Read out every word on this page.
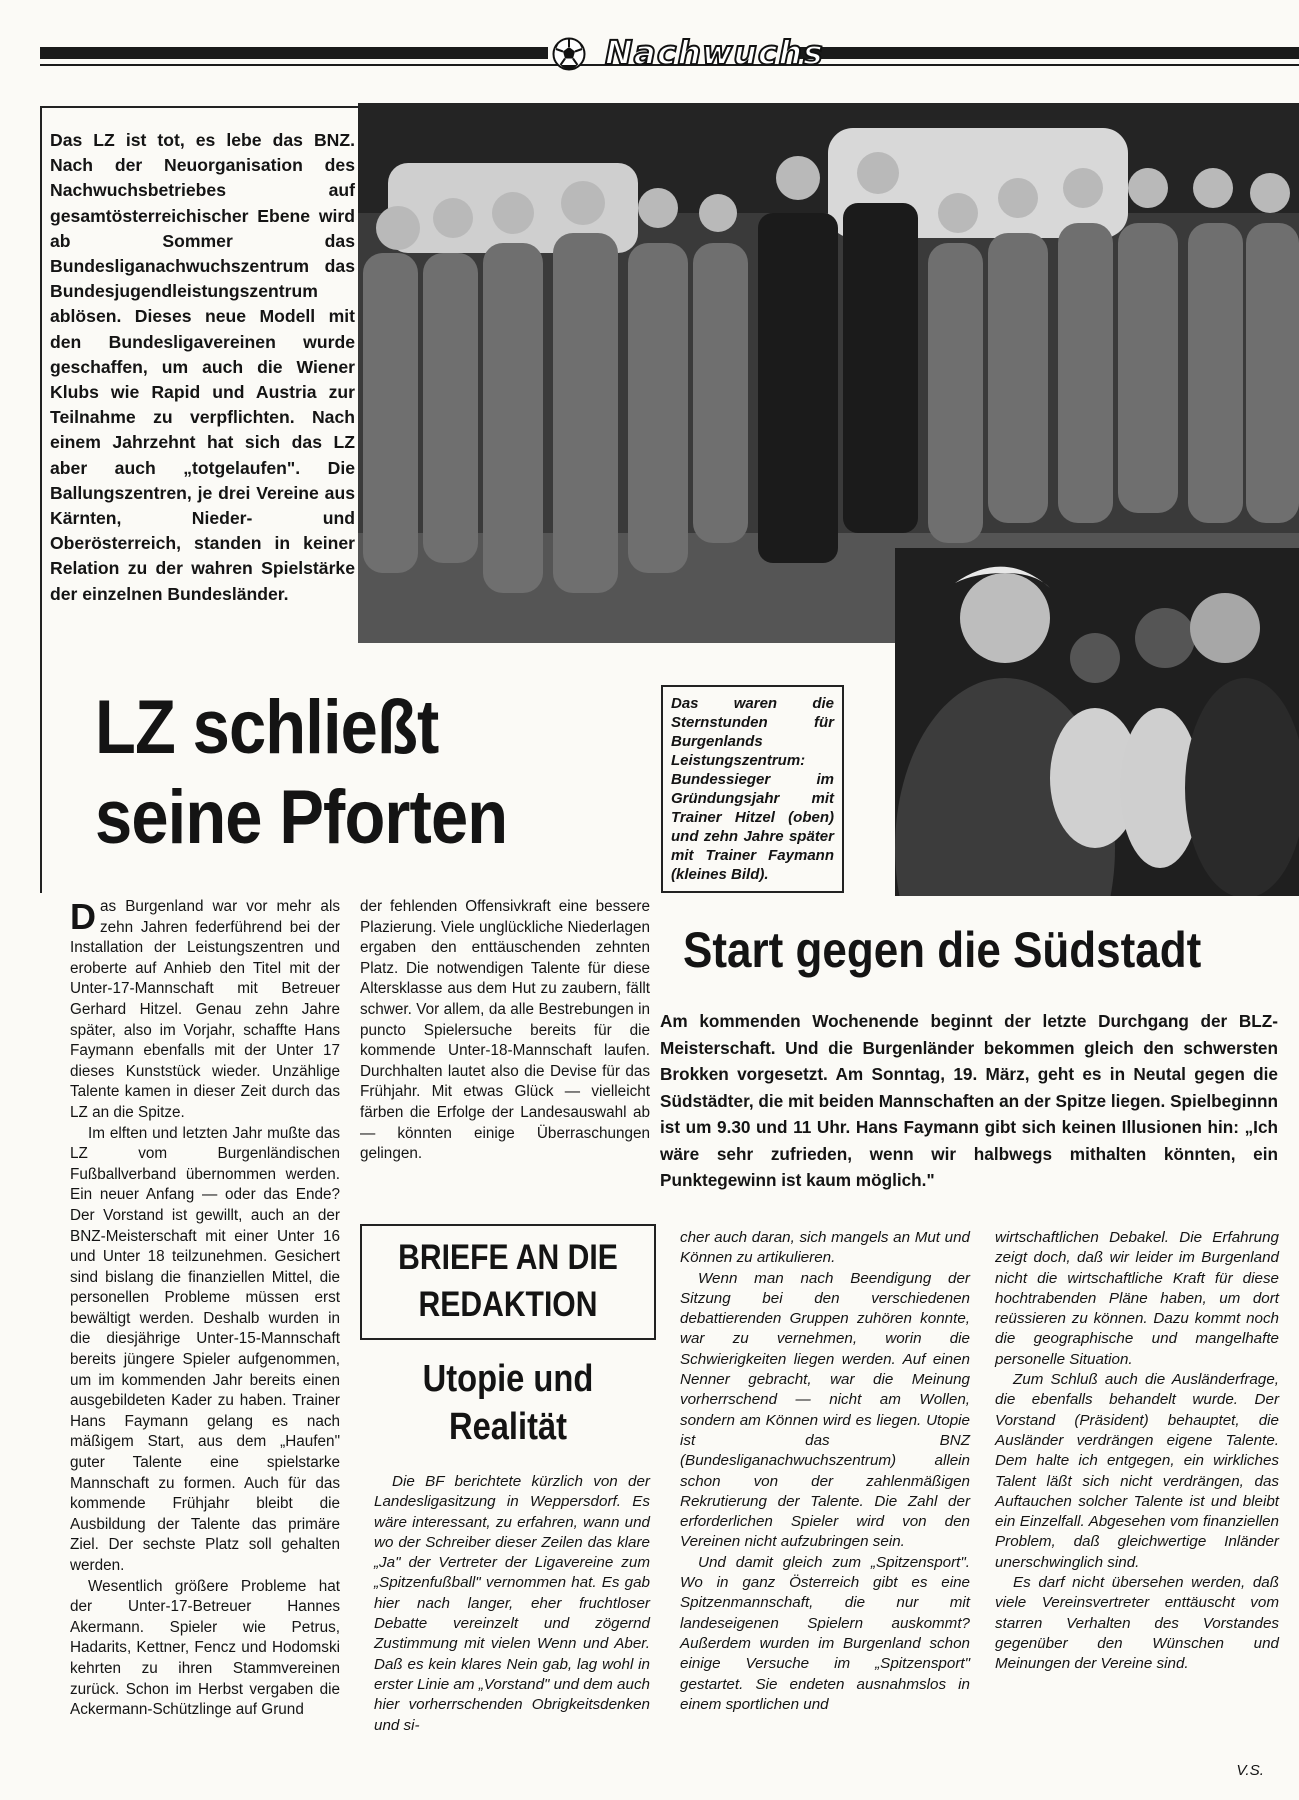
Nachwuchs
Das LZ ist tot, es lebe das BNZ. Nach der Neuorganisation des Nachwuchsbetriebes auf gesamtösterreichischer Ebene wird ab Sommer das Bundesliganachwuchszentrum das Bundesjugendleistungszentrum ablösen. Dieses neue Modell mit den Bundesligavereinen wurde geschaffen, um auch die Wiener Klubs wie Rapid und Austria zur Teilnahme zu verpflichten. Nach einem Jahrzehnt hat sich das LZ aber auch „totgelaufen". Die Ballungszentren, je drei Vereine aus Kärnten, Nieder- und Oberösterreich, standen in keiner Relation zu der wahren Spielstärke der einzelnen Bundesländer.
LZ schließt
seine Pforten
Das waren die Sternstunden für Burgenlands Leistungszentrum: Bundessieger im Gründungsjahr mit Trainer Hitzel (oben) und zehn Jahre später mit Trainer Faymann (kleines Bild).

Das Burgenland war vor mehr als zehn Jahren federführend bei der Installation der Leistungszentren und eroberte auf Anhieb den Titel mit der Unter-17-Mannschaft mit Betreuer Gerhard Hitzel. Genau zehn Jahre später, also im Vorjahr, schaffte Hans Faymann ebenfalls mit der Unter 17 dieses Kunststück wieder. Unzählige Talente kamen in dieser Zeit durch das LZ an die Spitze.

Im elften und letzten Jahr mußte das LZ vom Burgenländischen Fußballverband übernommen werden. Ein neuer Anfang — oder das Ende? Der Vorstand ist gewillt, auch an der BNZ-Meisterschaft mit einer Unter 16 und Unter 18 teilzunehmen. Gesichert sind bislang die finanziellen Mittel, die personellen Probleme müssen erst bewältigt werden. Deshalb wurden in die diesjährige Unter-15-Mannschaft bereits jüngere Spieler aufgenommen, um im kommenden Jahr bereits einen ausgebildeten Kader zu haben. Trainer Hans Faymann gelang es nach mäßigem Start, aus dem „Haufen" guter Talente eine spielstarke Mannschaft zu formen. Auch für das kommende Frühjahr bleibt die Ausbildung der Talente das primäre Ziel. Der sechste Platz soll gehalten werden.

Wesentlich größere Probleme hat der Unter-17-Betreuer Hannes Akermann. Spieler wie Petrus, Hadarits, Kettner, Fencz und Hodomski kehrten zu ihren Stammvereinen zurück. Schon im Herbst vergaben die Ackermann-Schützlinge auf Grund

der fehlenden Offensivkraft eine bessere Plazierung. Viele unglückliche Niederlagen ergaben den enttäuschenden zehnten Platz. Die notwendigen Talente für diese Altersklasse aus dem Hut zu zaubern, fällt schwer. Vor allem, da alle Bestrebungen in puncto Spielersuche bereits für die kommende Unter-18-Mannschaft laufen. Durchhalten lautet also die Devise für das Frühjahr. Mit etwas Glück — vielleicht färben die Erfolge der Landesauswahl ab — könnten einige Überraschungen gelingen.

Start gegen die Südstadt
Am kommenden Wochenende beginnt der letzte Durchgang der BLZ-Meisterschaft. Und die Burgenländer bekommen gleich den schwersten Brokken vorgesetzt. Am Sonntag, 19. März, geht es in Neutal gegen die Südstädter, die mit beiden Mannschaften an der Spitze liegen. Spielbeginnn ist um 9.30 und 11 Uhr. Hans Faymann gibt sich keinen Illusionen hin: „Ich wäre sehr zufrieden, wenn wir halbwegs mithalten könnten, ein Punktegewinn ist kaum möglich."
BRIEFE AN DIE
REDAKTION
Utopie und
Realität

Die BF berichtete kürzlich von der Landesligasitzung in Weppersdorf. Es wäre interessant, zu erfahren, wann und wo der Schreiber dieser Zeilen das klare „Ja" der Vertreter der Ligavereine zum „Spitzenfußball" vernommen hat. Es gab hier nach langer, eher fruchtloser Debatte vereinzelt und zögernd Zustimmung mit vielen Wenn und Aber. Daß es kein klares Nein gab, lag wohl in erster Linie am „Vorstand" und dem auch hier vorherrschenden Obrigkeitsdenken und si-

cher auch daran, sich mangels an Mut und Können zu artikulieren.

Wenn man nach Beendigung der Sitzung bei den verschiedenen debattierenden Gruppen zuhören konnte, war zu vernehmen, worin die Schwierigkeiten liegen werden. Auf einen Nenner gebracht, war die Meinung vorherrschend — nicht am Wollen, sondern am Können wird es liegen. Utopie ist das BNZ (Bundesliganachwuchszentrum) allein schon von der zahlenmäßigen Rekrutierung der Talente. Die Zahl der erforderlichen Spieler wird von den Vereinen nicht aufzubringen sein.

Und damit gleich zum „Spitzensport". Wo in ganz Österreich gibt es eine Spitzenmannschaft, die nur mit landeseigenen Spielern auskommt? Außerdem wurden im Burgenland schon einige Versuche im „Spitzensport" gestartet. Sie endeten ausnahmslos in einem sportlichen und

wirtschaftlichen Debakel. Die Erfahrung zeigt doch, daß wir leider im Burgenland nicht die wirtschaftliche Kraft für diese hochtrabenden Pläne haben, um dort reüssieren zu können. Dazu kommt noch die geographische und mangelhafte personelle Situation.

Zum Schluß auch die Ausländerfrage, die ebenfalls behandelt wurde. Der Vorstand (Präsident) behauptet, die Ausländer verdrängen eigene Talente. Dem halte ich entgegen, ein wirkliches Talent läßt sich nicht verdrängen, das Auftauchen solcher Talente ist und bleibt ein Einzelfall. Abgesehen vom finanziellen Problem, daß gleichwertige Inländer unerschwinglich sind.

Es darf nicht übersehen werden, daß viele Vereinsvertreter enttäuscht vom starren Verhalten des Vorstandes gegenüber den Wünschen und Meinungen der Vereine sind.

V.S.
